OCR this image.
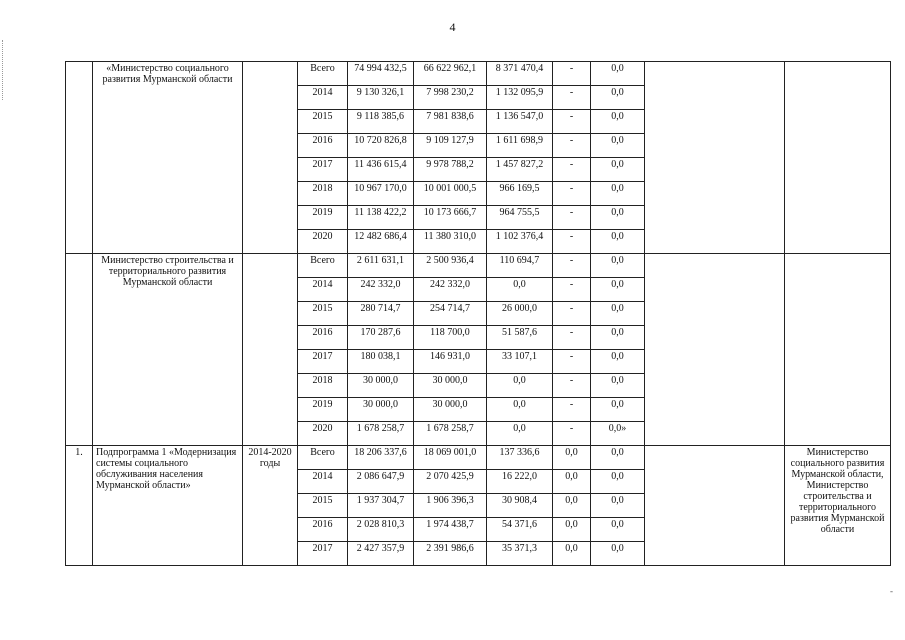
4
-
	«Министерство социального развития Мурманской области		Всего	74 994 432,5	66 622 962,1	8 371 470,4	-	0,0		
			2014	9 130 326,1	7 998 230,2	1 132 095,9	-	0,0		
			2015	9 118 385,6	7 981 838,6	1 136 547,0	-	0,0		
			2016	10 720 826,8	9 109 127,9	1 611 698,9	-	0,0		
			2017	11 436 615,4	9 978 788,2	1 457 827,2	-	0,0		
			2018	10 967 170,0	10 001 000,5	966 169,5	-	0,0		
			2019	11 138 422,2	10 173 666,7	964 755,5	-	0,0		
			2020	12 482 686,4	11 380 310,0	1 102 376,4	-	0,0		
	Министерство строительства и территориального развития Мурманской области		Всего	2 611 631,1	2 500 936,4	110 694,7	-	0,0		
			2014	242 332,0	242 332,0	0,0	-	0,0		
			2015	280 714,7	254 714,7	26 000,0	-	0,0		
			2016	170 287,6	118 700,0	51 587,6	-	0,0		
			2017	180 038,1	146 931,0	33 107,1	-	0,0		
			2018	30 000,0	30 000,0	0,0	-	0,0		
			2019	30 000,0	30 000,0	0,0	-	0,0		
			2020	1 678 258,7	1 678 258,7	0,0	-	0,0»		
1.	Подпрограмма 1 «Модернизация системы социального обслуживания населения Мурманской области»	2014-2020 годы	Всего	18 206 337,6	18 069 001,0	137 336,6	0,0	0,0		Министерство социального развития Мурманской области, Министерство строительства и территориального развития Мурманской области
			2014	2 086 647,9	2 070 425,9	16 222,0	0,0	0,0		
			2015	1 937 304,7	1 906 396,3	30 908,4	0,0	0,0		
			2016	2 028 810,3	1 974 438,7	54 371,6	0,0	0,0		
			2017	2 427 357,9	2 391 986,6	35 371,3	0,0	0,0		
